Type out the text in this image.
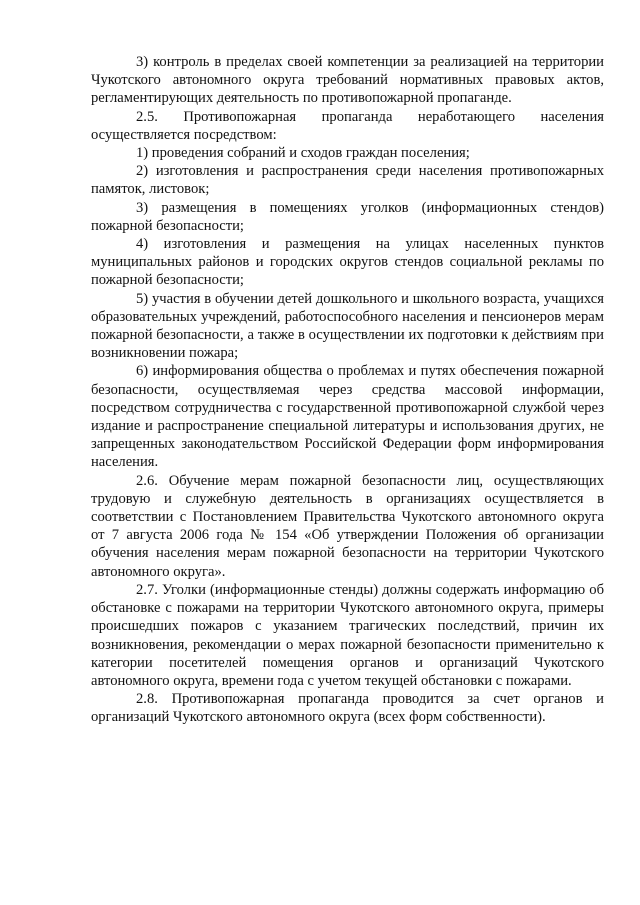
3) контроль в пределах своей компетенции за реализацией на территории Чукотского автономного округа требований нормативных правовых актов, регламентирующих деятельность по противопожарной пропаганде.

2.5. Противопожарная пропаганда неработающего населения осуществляется посредством:

1) проведения собраний и сходов граждан поселения;

2) изготовления и распространения среди населения противопожарных памяток, листовок;

3) размещения в помещениях уголков (информационных стендов) пожарной безопасности;

4) изготовления и размещения на улицах населенных пунктов муниципальных районов и городских округов стендов социальной рекламы по пожарной безопасности;

5) участия в обучении детей дошкольного и школьного возраста, учащихся образовательных учреждений, работоспособного населения и пенсионеров мерам пожарной безопасности, а также в осуществлении их подготовки к действиям при возникновении пожара;

6) информирования общества о проблемах и путях обеспечения пожарной безопасности, осуществляемая через средства массовой информации, посредством сотрудничества с государственной противопожарной службой через издание и распространение специальной литературы и использования других, не запрещенных законодательством Российской Федерации форм информирования населения.

2.6. Обучение мерам пожарной безопасности лиц, осуществляющих трудовую и служебную деятельность в организациях осуществляется в соответствии с Постановлением Правительства Чукотского автономного округа от 7 августа 2006 года № 154 «Об утверждении Положения об организации обучения населения мерам пожарной безопасности на территории Чукотского автономного округа».

2.7. Уголки (информационные стенды) должны содержать информацию об обстановке с пожарами на территории Чукотского автономного округа, примеры происшедших пожаров с указанием трагических последствий, причин их возникновения, рекомендации о мерах пожарной безопасности применительно к категории посетителей помещения органов и организаций Чукотского автономного округа, времени года с учетом текущей обстановки с пожарами.

2.8. Противопожарная пропаганда проводится за счет органов и организаций Чукотского автономного округа (всех форм собственности).
